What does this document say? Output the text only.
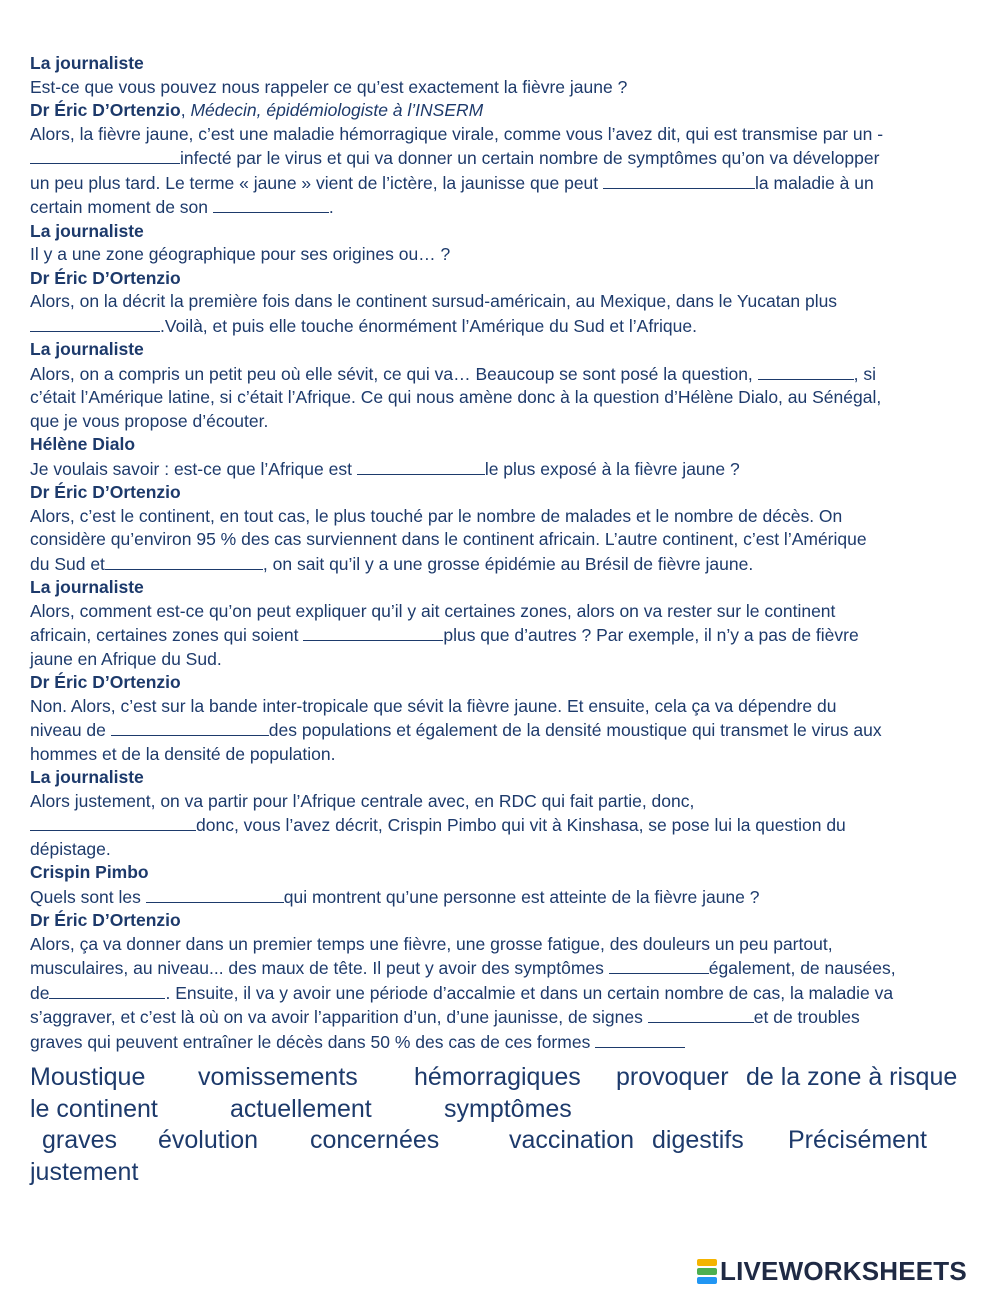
La journaliste
Est-ce que vous pouvez nous rappeler ce qu’est exactement la fièvre jaune ?
Dr Éric D’Ortenzio, Médecin, épidémiologiste à l’INSERM
Alors, la fièvre jaune, c’est une maladie hémorragique virale, comme vous l’avez dit, qui est transmise par un -
infecté par le virus et qui va donner un certain nombre de symptômes qu’on va développer
un peu plus tard. Le terme « jaune » vient de l’ictère, la jaunisse que peut	la maladie à un
certain moment de son	.
La journaliste
Il y a une zone géographique pour ses origines ou… ?
Dr Éric D’Ortenzio
Alors, on la décrit la première fois dans le continent sursud-américain, au Mexique, dans le Yucatan plus
.Voilà, et puis elle touche énormément l’Amérique du Sud et l’Afrique.
La journaliste
Alors, on a compris un petit peu où elle sévit, ce qui va… Beaucoup se sont posé la question,	, si
c’était l’Amérique latine, si c’était l’Afrique. Ce qui nous amène donc à la question d’Hélène Dialo, au Sénégal,
que je vous propose d’écouter.
Hélène Dialo
Je voulais savoir : est-ce que l’Afrique est	le plus exposé à la fièvre jaune ?
Dr Éric D’Ortenzio
Alors, c’est le continent, en tout cas, le plus touché par le nombre de malades et le nombre de décès. On
considère qu’environ 95 % des cas surviennent dans le continent africain. L’autre continent, c’est l’Amérique
du Sud et	, on sait qu’il y a une grosse épidémie au Brésil de fièvre jaune.
La journaliste
Alors, comment est-ce qu’on peut expliquer qu’il y ait certaines zones, alors on va rester sur le continent
africain, certaines zones qui soient	plus que d’autres ? Par exemple, il n’y a pas de fièvre
jaune en Afrique du Sud.
Dr Éric D’Ortenzio
Non. Alors, c’est sur la bande inter-tropicale que sévit la fièvre jaune. Et ensuite, cela ça va dépendre du
niveau de	des populations et également de la densité moustique qui transmet le virus aux
hommes et de la densité de population.
La journaliste
Alors justement, on va partir pour l’Afrique centrale avec, en RDC qui fait partie, donc,
donc, vous l’avez décrit, Crispin Pimbo qui vit à Kinshasa, se pose lui la question du
dépistage.
Crispin Pimbo
Quels sont les	qui montrent qu’une personne est atteinte de la fièvre jaune ?
Dr Éric D’Ortenzio
Alors, ça va donner dans un premier temps une fièvre, une grosse fatigue, des douleurs un peu partout,
musculaires, au niveau... des maux de tête. Il peut y avoir des symptômes	également, de nausées,
de	. Ensuite, il va y avoir une période d’accalmie et dans un certain nombre de cas, la maladie va
s’aggraver, et c’est là où on va avoir l’apparition d’un, d’une jaunisse, de signes	et de troubles
graves qui peuvent entraîner le décès dans 50 % des cas de ces formes
Moustique vomissements hémorragiques provoquer de la zone à risque
le continent	actuellement	symptômes
graves évolution concernées	vaccination digestifs Précisément
justement
LIVEWORKSHEETS
